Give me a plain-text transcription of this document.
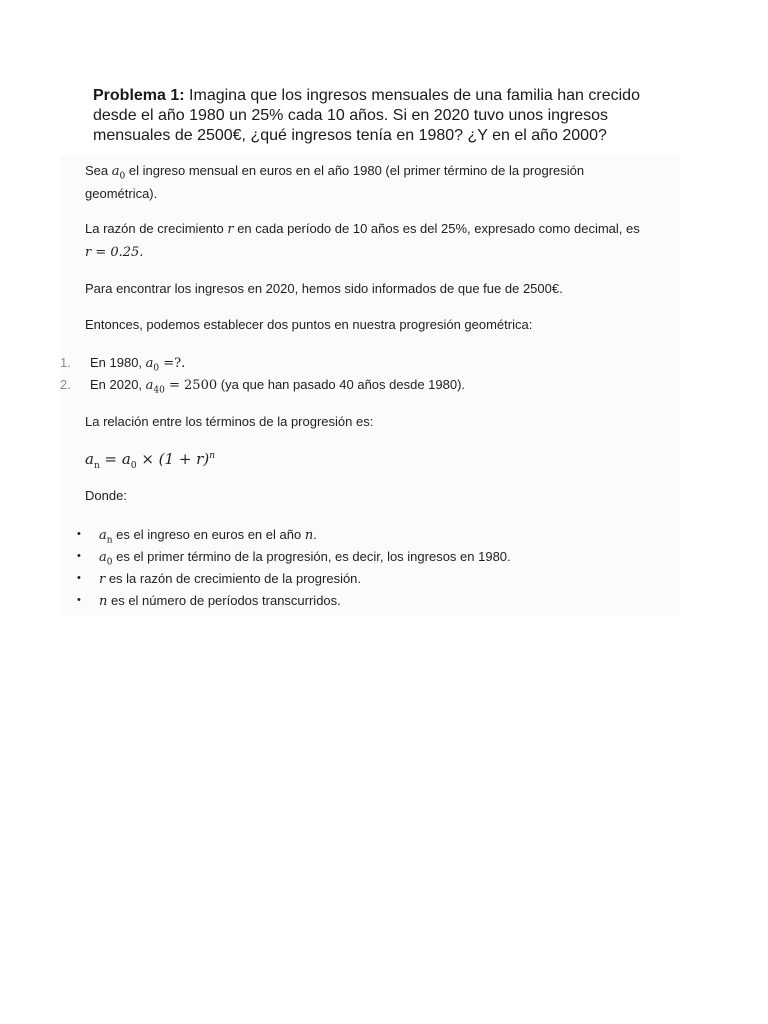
Problema 1: Imagina que los ingresos mensuales de una familia han crecido desde el año 1980 un 25% cada 10 años. Si en 2020 tuvo unos ingresos mensuales de 2500€, ¿qué ingresos tenía en 1980? ¿Y en el año 2000?
Sea $a_0$ el ingreso mensual en euros en el año 1980 (el primer término de la progresión
geométrica).
La razón de crecimiento r en cada período de 10 años es del 25%, expresado como decimal, es
r = 0.25.
Para encontrar los ingresos en 2020, hemos sido informados de que fue de 2500€.
Entonces, podemos establecer dos puntos en nuestra progresión geométrica:
1. En 1980, $a_0$ =?.
2. En 2020, $a_{40} = 2500$ (ya que han pasado 40 años desde 1980).
La relación entre los términos de la progresión es:
$a_n = a_0 \times (1 + r)^n$
Donde:
• $a_n$ es el ingreso en euros en el año n.
• $a_0$ es el primer término de la progresión, es decir, los ingresos en 1980.
• r es la razón de crecimiento de la progresión.
• n es el número de períodos transcurridos.
